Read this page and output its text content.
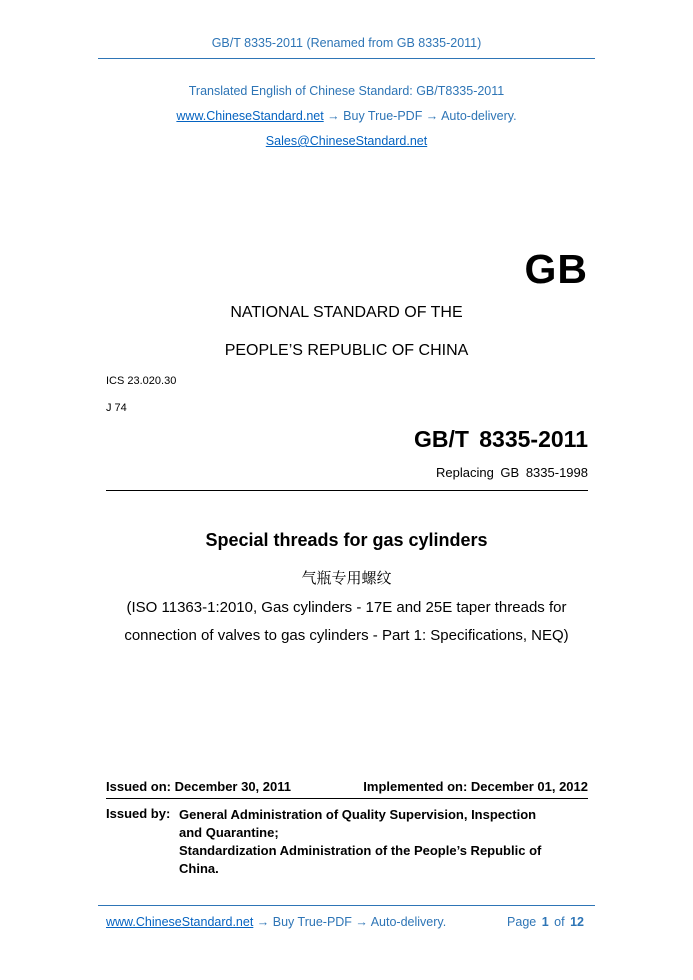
GB/T 8335-2011 (Renamed from GB 8335-2011)
Translated English of Chinese Standard: GB/T8335-2011
www.ChineseStandard.net → Buy True-PDF → Auto-delivery.
Sales@ChineseStandard.net
GB
NATIONAL STANDARD OF THE
PEOPLE’S REPUBLIC OF CHINA
ICS 23.020.30
J 74
GB/T 8335-2011
Replacing GB 8335-1998
Special threads for gas cylinders
气瓶专用螺纹
(ISO 11363-1:2010, Gas cylinders - 17E and 25E taper threads for
connection of valves to gas cylinders - Part 1: Specifications, NEQ)
Issued on: December 30, 2011	Implemented on: December 01, 2012
Issued by: General Administration of Quality Supervision, Inspection
and Quarantine;
Standardization Administration of the People’s Republic of
China.
www.ChineseStandard.net → Buy True-PDF → Auto-delivery.	Page 1 of 12
